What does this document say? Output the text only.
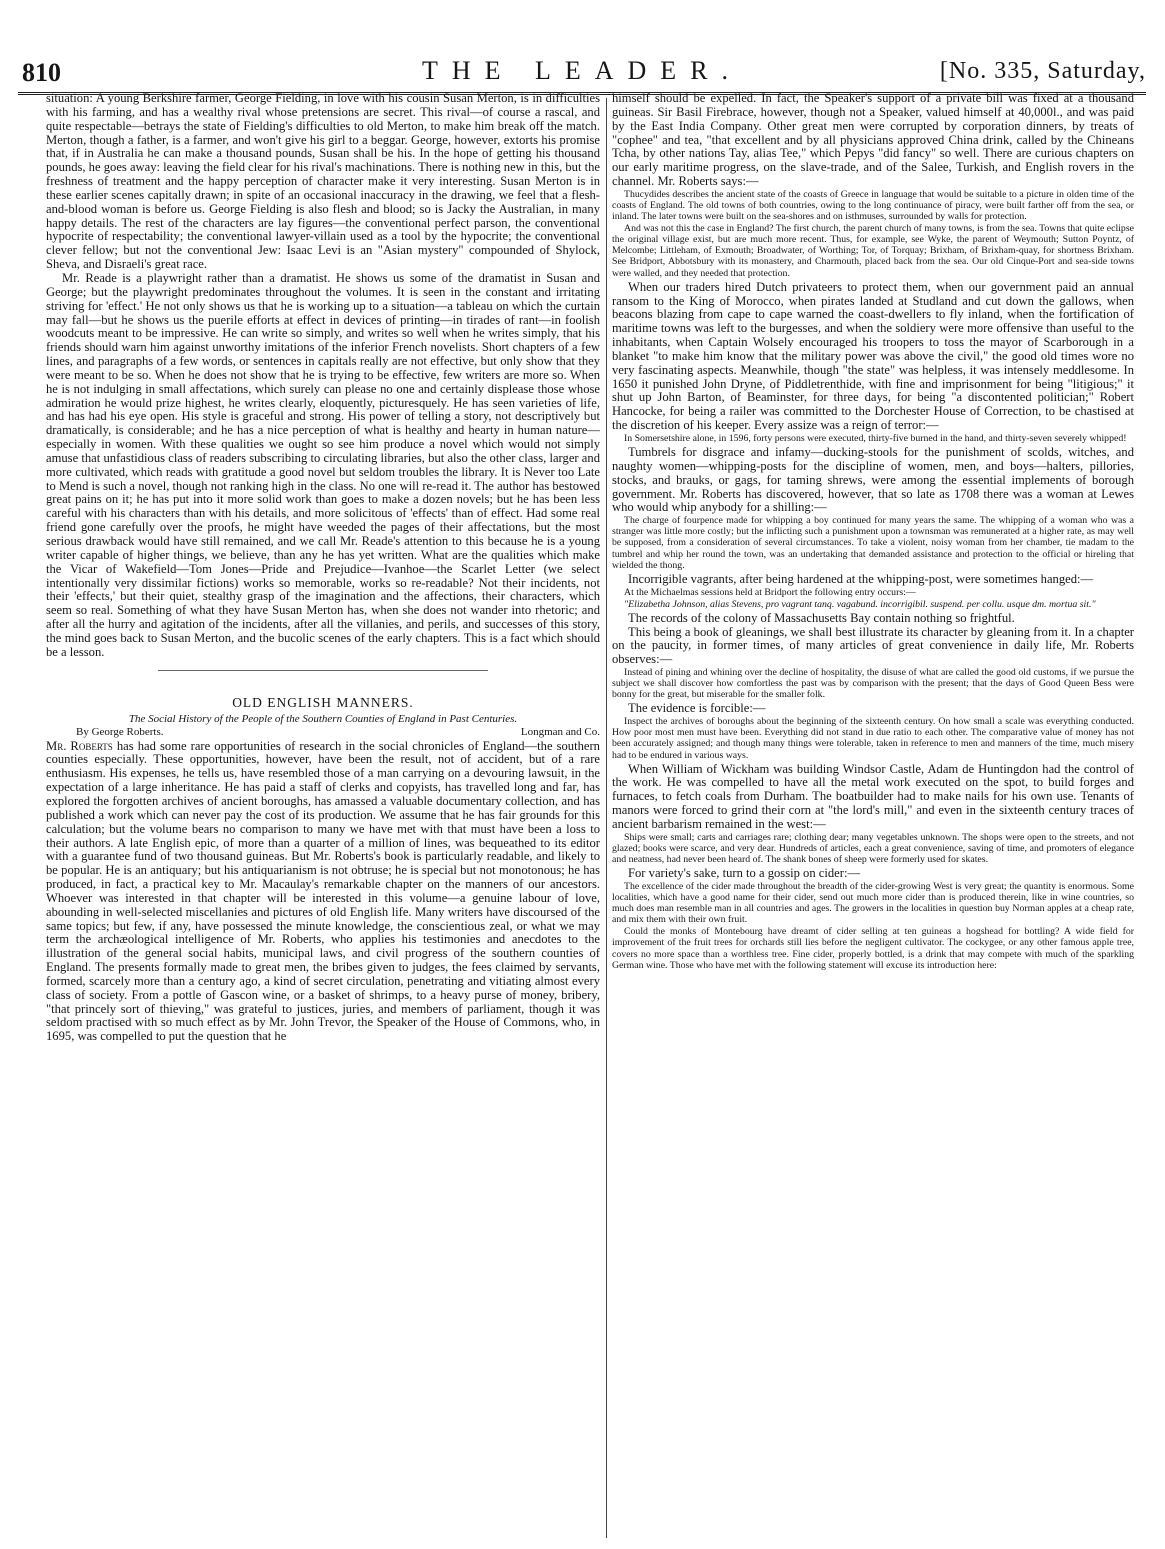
810	THE LEADER.	[No. 335, Saturday,

situation: A young Berkshire farmer, George Fielding, in love with his cousin Susan Merton, is in difficulties with his farming, and has a wealthy rival whose pretensions are secret. This rival—of course a rascal, and quite respectable—betrays the state of Fielding's difficulties to old Merton, to make him break off the match. Merton, though a father, is a farmer, and won't give his girl to a beggar. George, however, extorts his promise that, if in Australia he can make a thousand pounds, Susan shall be his. In the hope of getting his thousand pounds, he goes away: leaving the field clear for his rival's machinations. There is nothing new in this, but the freshness of treatment and the happy perception of character make it very interesting. Susan Merton is in these earlier scenes capitally drawn; in spite of an occasional inaccuracy in the drawing, we feel that a flesh-and-blood woman is before us. George Fielding is also flesh and blood; so is Jacky the Australian, in many happy details. The rest of the characters are lay figures—the conventional perfect parson, the conventional hypocrite of respectability; the conventional lawyer-villain used as a tool by the hypocrite; the conventional clever fellow; but not the conventional Jew: Isaac Levi is an "Asian mystery" compounded of Shylock, Sheva, and Disraeli's great race.

Mr. Reade is a playwright rather than a dramatist. He shows us some of the dramatist in Susan and George; but the playwright predominates throughout the volumes. It is seen in the constant and irritating striving for 'effect.' He not only shows us that he is working up to a situation—a tableau on which the curtain may fall—but he shows us the puerile efforts at effect in devices of printing—in tirades of rant—in foolish woodcuts meant to be impressive. He can write so simply, and writes so well when he writes simply, that his friends should warn him against unworthy imitations of the inferior French novelists. Short chapters of a few lines, and paragraphs of a few words, or sentences in capitals really are not effective, but only show that they were meant to be so. When he does not show that he is trying to be effective, few writers are more so. When he is not indulging in small affectations, which surely can please no one and certainly displease those whose admiration he would prize highest, he writes clearly, eloquently, picturesquely. He has seen varieties of life, and has had his eye open. His style is graceful and strong. His power of telling a story, not descriptively but dramatically, is considerable; and he has a nice perception of what is healthy and hearty in human nature—especially in women. With these qualities we ought so see him produce a novel which would not simply amuse that unfastidious class of readers subscribing to circulating libraries, but also the other class, larger and more cultivated, which reads with gratitude a good novel but seldom troubles the library. It is Never too Late to Mend is such a novel, though not ranking high in the class. No one will re-read it. The author has bestowed great pains on it; he has put into it more solid work than goes to make a dozen novels; but he has been less careful with his characters than with his details, and more solicitous of 'effects' than of effect. Had some real friend gone carefully over the proofs, he might have weeded the pages of their affectations, but the most serious drawback would have still remained, and we call Mr. Reade's attention to this because he is a young writer capable of higher things, we believe, than any he has yet written. What are the qualities which make the Vicar of Wakefield—Tom Jones—Pride and Prejudice—Ivanhoe—the Scarlet Letter (we select intentionally very dissimilar fictions) works so memorable, works so re-readable? Not their incidents, not their 'effects,' but their quiet, stealthy grasp of the imagination and the affections, their characters, which seem so real. Something of what they have Susan Merton has, when she does not wander into rhetoric; and after all the hurry and agitation of the incidents, after all the villanies, and perils, and successes of this story, the mind goes back to Susan Merton, and the bucolic scenes of the early chapters. This is a fact which should be a lesson.

OLD ENGLISH MANNERS.
The Social History of the People of the Southern Counties of England in Past Centuries.
By George Roberts.	Longman and Co.

Mr. Roberts has had some rare opportunities of research in the social chronicles of England—the southern counties especially. These opportunities, however, have been the result, not of accident, but of a rare enthusiasm. His expenses, he tells us, have resembled those of a man carrying on a devouring lawsuit, in the expectation of a large inheritance. He has paid a staff of clerks and copyists, has travelled long and far, has explored the forgotten archives of ancient boroughs, has amassed a valuable documentary collection, and has published a work which can never pay the cost of its production. We assume that he has fair grounds for this calculation; but the volume bears no comparison to many we have met with that must have been a loss to their authors. A late English epic, of more than a quarter of a million of lines, was bequeathed to its editor with a guarantee fund of two thousand guineas. But Mr. Roberts's book is particularly readable, and likely to be popular. He is an antiquary; but his antiquarianism is not obtruse; he is special but not monotonous; he has produced, in fact, a practical key to Mr. Macaulay's remarkable chapter on the manners of our ancestors. Whoever was interested in that chapter will be interested in this volume—a genuine labour of love, abounding in well-selected miscellanies and pictures of old English life. Many writers have discoursed of the same topics; but few, if any, have possessed the minute knowledge, the conscientious zeal, or what we may term the archæological intelligence of Mr. Roberts, who applies his testimonies and anecdotes to the illustration of the general social habits, municipal laws, and civil progress of the southern counties of England. The presents formally made to great men, the bribes given to judges, the fees claimed by servants, formed, scarcely more than a century ago, a kind of secret circulation, penetrating and vitiating almost every class of society. From a pottle of Gascon wine, or a basket of shrimps, to a heavy purse of money, bribery, "that princely sort of thieving," was grateful to justices, juries, and members of parliament, though it was seldom practised with so much effect as by Mr. John Trevor, the Speaker of the House of Commons, who, in 1695, was compelled to put the question that he

himself should be expelled. In fact, the Speaker's support of a private bill was fixed at a thousand guineas. Sir Basil Firebrace, however, though not a Speaker, valued himself at 40,000l., and was paid by the East India Company. Other great men were corrupted by corporation dinners, by treats of "cophee" and tea, "that excellent and by all physicians approved China drink, called by the Chineans Tcha, by other nations Tay, alias Tee," which Pepys "did fancy" so well. There are curious chapters on our early maritime progress, on the slave-trade, and of the Salee, Turkish, and English rovers in the channel. Mr. Roberts says:—

Thucydides describes the ancient state of the coasts of Greece in language that would be suitable to a picture in olden time of the coasts of England. The old towns of both countries, owing to the long continuance of piracy, were built farther off from the sea, or inland. The later towns were built on the sea-shores and on isthmuses, surrounded by walls for protection.
And was not this the case in England? The first church, the parent church of many towns, is from the sea. Towns that quite eclipse the original village exist, but are much more recent. Thus, for example, see Wyke, the parent of Weymouth; Sutton Poyntz, of Melcombe; Littleham, of Exmouth; Broadwater, of Worthing; Tor, of Torquay; Brixham, of Brixham-quay, for shortness Brixham. See Bridport, Abbotsbury with its monastery, and Charmouth, placed back from the sea. Our old Cinque-Port and sea-side towns were walled, and they needed that protection.

When our traders hired Dutch privateers to protect them, when our government paid an annual ransom to the King of Morocco, when pirates landed at Studland and cut down the gallows, when beacons blazing from cape to cape warned the coast-dwellers to fly inland, when the fortification of maritime towns was left to the burgesses, and when the soldiery were more offensive than useful to the inhabitants, when Captain Wolsely encouraged his troopers to toss the mayor of Scarborough in a blanket "to make him know that the military power was above the civil," the good old times wore no very fascinating aspects. Meanwhile, though "the state" was helpless, it was intensely meddlesome. In 1650 it punished John Dryne, of Piddletrenthide, with fine and imprisonment for being "litigious;" it shut up John Barton, of Beaminster, for three days, for being "a discontented politician;" Robert Hancocke, for being a railer was committed to the Dorchester House of Correction, to be chastised at the discretion of his keeper. Every assize was a reign of terror:—

In Somersetshire alone, in 1596, forty persons were executed, thirty-five burned in the hand, and thirty-seven severely whipped!

Tumbrels for disgrace and infamy—ducking-stools for the punishment of scolds, witches, and naughty women—whipping-posts for the discipline of women, men, and boys—halters, pillories, stocks, and brauks, or gags, for taming shrews, were among the essential implements of borough government. Mr. Roberts has discovered, however, that so late as 1708 there was a woman at Lewes who would whip anybody for a shilling:—

The charge of fourpence made for whipping a boy continued for many years the same. The whipping of a woman who was a stranger was little more costly; but the inflicting such a punishment upon a townsman was remunerated at a higher rate, as may well be supposed, from a consideration of several circumstances. To take a violent, noisy woman from her chamber, tie madam to the tumbrel and whip her round the town, was an undertaking that demanded assistance and protection to the official or hireling that wielded the thong.

Incorrigible vagrants, after being hardened at the whipping-post, were sometimes hanged:—

At the Michaelmas sessions held at Bridport the following entry occurs:—
"Elizabetha Johnson, alias Stevens, pro vagrant tanq. vagabund. incorrigibil. suspend. per collu. usque dm. mortua sit."

The records of the colony of Massachusetts Bay contain nothing so frightful.

This being a book of gleanings, we shall best illustrate its character by gleaning from it. In a chapter on the paucity, in former times, of many articles of great convenience in daily life, Mr. Roberts observes:—

Instead of pining and whining over the decline of hospitality, the disuse of what are called the good old customs, if we pursue the subject we shall discover how comfortless the past was by comparison with the present; that the days of Good Queen Bess were bonny for the great, but miserable for the smaller folk.

The evidence is forcible:—

Inspect the archives of boroughs about the beginning of the sixteenth century. On how small a scale was everything conducted. How poor most men must have been. Everything did not stand in due ratio to each other. The comparative value of money has not been accurately assigned; and though many things were tolerable, taken in reference to men and manners of the time, much misery had to be endured in various ways.

When William of Wickham was building Windsor Castle, Adam de Huntingdon had the control of the work. He was compelled to have all the metal work executed on the spot, to build forges and furnaces, to fetch coals from Durham. The boatbuilder had to make nails for his own use. Tenants of manors were forced to grind their corn at "the lord's mill," and even in the sixteenth century traces of ancient barbarism remained in the west:—

Ships were small; carts and carriages rare; clothing dear; many vegetables unknown. The shops were open to the streets, and not glazed; books were scarce, and very dear. Hundreds of articles, each a great convenience, saving of time, and promoters of elegance and neatness, had never been heard of. The shank bones of sheep were formerly used for skates.

For variety's sake, turn to a gossip on cider:—

The excellence of the cider made throughout the breadth of the cider-growing West is very great; the quantity is enormous. Some localities, which have a good name for their cider, send out much more cider than is produced therein, like in wine countries, so much does man resemble man in all countries and ages. The growers in the localities in question buy Norman apples at a cheap rate, and mix them with their own fruit.
Could the monks of Montebourg have dreamt of cider selling at ten guineas a hogshead for bottling? A wide field for improvement of the fruit trees for orchards still lies before the negligent cultivator. The cockygee, or any other famous apple tree, covers no more space than a worthless tree. Fine cider, properly bottled, is a drink that may compete with much of the sparkling German wine. Those who have met with the following statement will excuse its introduction here:
